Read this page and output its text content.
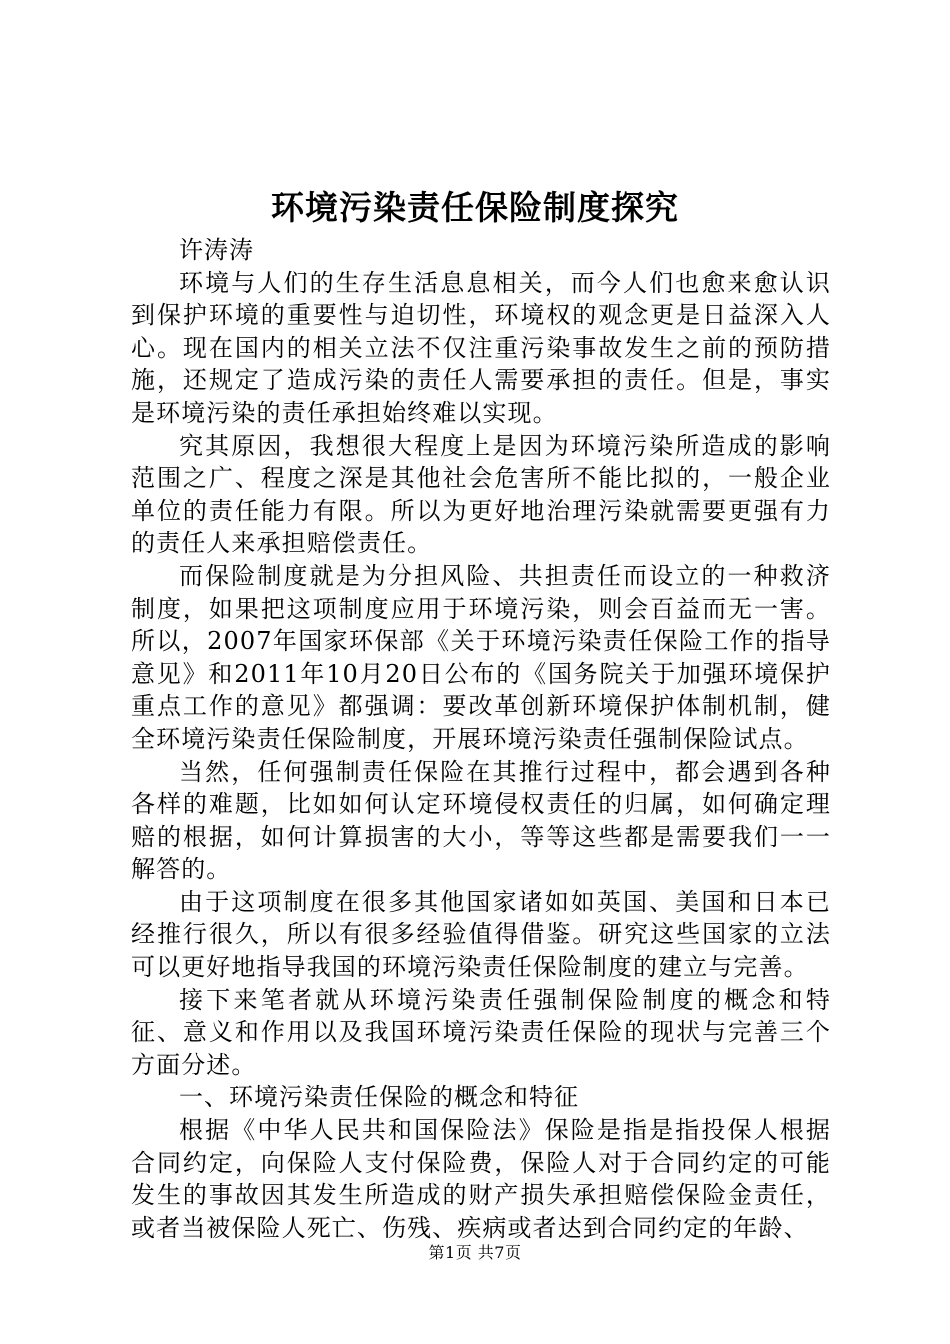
环境污染责任保险制度探究

许涛涛

环境与人们的生存生活息息相关，而今人们也愈来愈认识到保护环境的重要性与迫切性，环境权的观念更是日益深入人心。现在国内的相关立法不仅注重污染事故发生之前的预防措施，还规定了造成污染的责任人需要承担的责任。但是，事实是环境污染的责任承担始终难以实现。

究其原因，我想很大程度上是因为环境污染所造成的影响范围之广、程度之深是其他社会危害所不能比拟的，一般企业单位的责任能力有限。所以为更好地治理污染就需要更强有力的责任人来承担赔偿责任。

而保险制度就是为分担风险、共担责任而设立的一种救济制度，如果把这项制度应用于环境污染，则会百益而无一害。所以，2007年国家环保部《关于环境污染责任保险工作的指导意见》和2011年10月20日公布的《国务院关于加强环境保护重点工作的意见》都强调：要改革创新环境保护体制机制，健全环境污染责任保险制度，开展环境污染责任强制保险试点。

当然，任何强制责任保险在其推行过程中，都会遇到各种各样的难题，比如如何认定环境侵权责任的归属，如何确定理赔的根据，如何计算损害的大小，等等这些都是需要我们一一解答的。

由于这项制度在很多其他国家诸如如英国、美国和日本已经推行很久，所以有很多经验值得借鉴。研究这些国家的立法可以更好地指导我国的环境污染责任保险制度的建立与完善。

接下来笔者就从环境污染责任强制保险制度的概念和特征、意义和作用以及我国环境污染责任保险的现状与完善三个方面分述。

一、环境污染责任保险的概念和特征

根据《中华人民共和国保险法》保险是指是指投保人根据合同约定，向保险人支付保险费，保险人对于合同约定的可能发生的事故因其发生所造成的财产损失承担赔偿保险金责任，或者当被保险人死亡、伤残、疾病或者达到合同约定的年龄、

第1页 共7页
